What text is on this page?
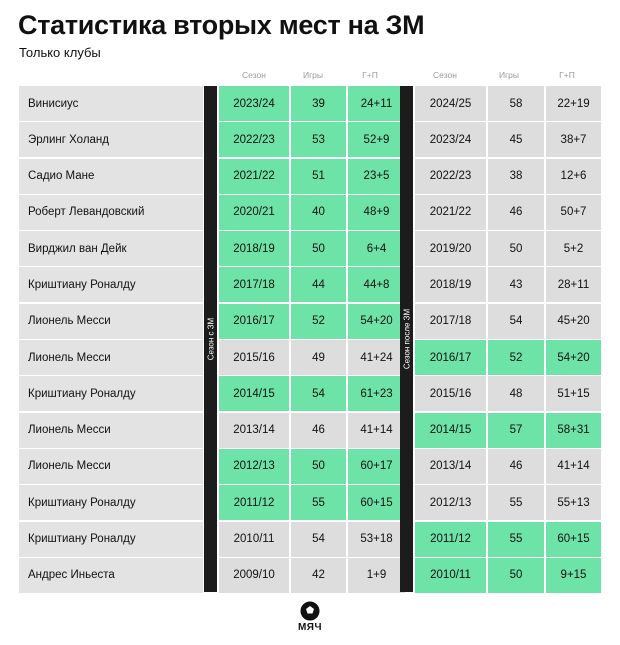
Статистика вторых мест на ЗМ
Только клубы
Сезон	Игры	Г+П	Сезон	Игры	Г+П
Винисиус	2023/24	39	24+11	2024/25	58	22+19
Эрлинг Холанд	2022/23	53	52+9	2023/24	45	38+7
Садио Мане	2021/22	51	23+5	2022/23	38	12+6
Роберт Левандовский	2020/21	40	48+9	2021/22	46	50+7
Вирджил ван Дейк	2018/19	50	6+4	2019/20	50	5+2
Криштиану Роналду	2017/18	44	44+8	2018/19	43	28+11
Лионель Месси	2016/17	52	54+20	2017/18	54	45+20
Лионель Месси	2015/16	49	41+24	2016/17	52	54+20
Криштиану Роналду	2014/15	54	61+23	2015/16	48	51+15
Лионель Месси	2013/14	46	41+14	2014/15	57	58+31
Лионель Месси	2012/13	50	60+17	2013/14	46	41+14
Криштиану Роналду	2011/12	55	60+15	2012/13	55	55+13
Криштиану Роналду	2010/11	54	53+18	2011/12	55	60+15
Андрес Иньеста	2009/10	42	1+9	2010/11	50	9+15
Сезон с ЗМ	Сезон после ЗМ
МЯЧ
